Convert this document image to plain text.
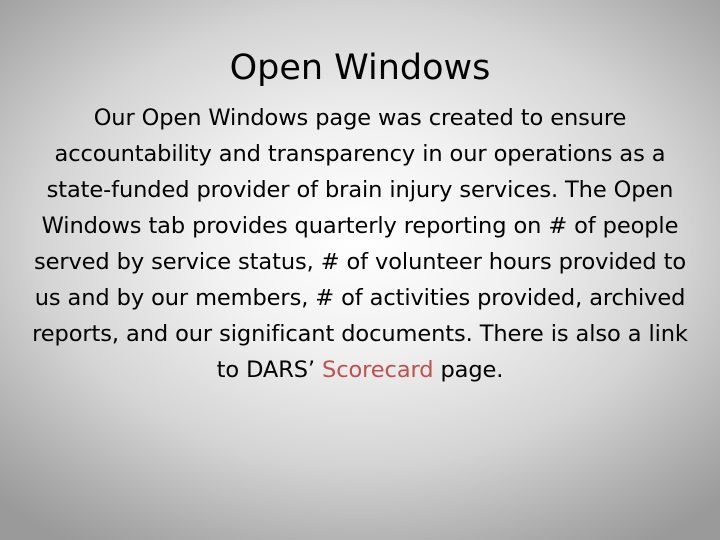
Open Windows

Our Open Windows page was created to ensure accountability and transparency in our operations as a state-funded provider of brain injury services. The Open Windows tab provides quarterly reporting on # of people served by service status, # of volunteer hours provided to us and by our members, # of activities provided, archived reports, and our significant documents. There is also a link to DARS’ Scorecard page.
